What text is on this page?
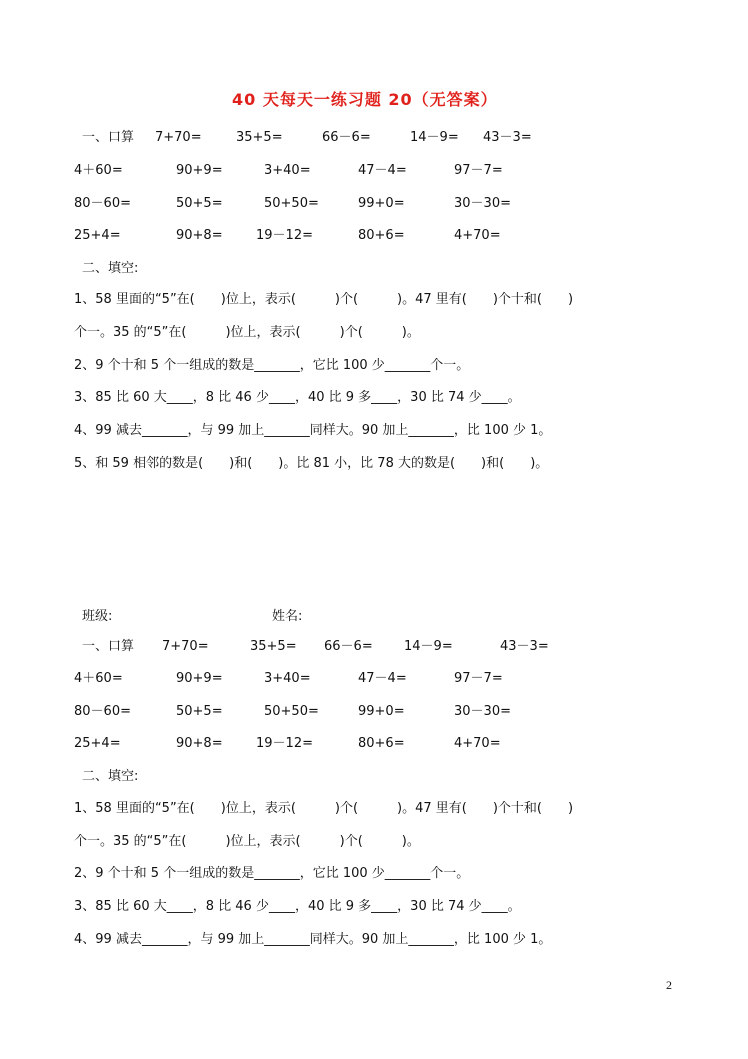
40 天每天一练习题 20（无答案）
一、口算 7+70=	35+5=	66－6=	14－9= 43－3=
4＋60=	90+9=	3+40=	47－4=	97－7=
80－60=	50+5=	50+50=	99+0=	30－30=
25+4=	90+8=	19－12=	80+6=	4+70=
二、填空:
1、58 里面的“5”在(　　)位上，表示(　　　)个(　　　)。47 里有(　　)个十和(　　)
个一。35 的“5”在(　　　)位上，表示(　　　)个(　　　)。
2、9 个十和 5 个一组成的数是_______，它比 100 少_______个一。
3、85 比 60 大____，8 比 46 少____，40 比 9 多____，30 比 74 少____。
4、99 减去_______，与 99 加上_______同样大。90 加上_______，比 100 少 1。
5、和 59 相邻的数是(　　)和(　　)。比 81 小，比 78 大的数是(　　)和(　　)。
班级:	姓名:
一、口算 7+70=	35+5= 66－6= 14－9=	43－3=
4＋60=	90+9=	3+40=	47－4=	97－7=
80－60=	50+5=	50+50=	99+0=	30－30=
25+4=	90+8=	19－12=	80+6=	4+70=
二、填空:
1、58 里面的“5”在(　　)位上，表示(　　　)个(　　　)。47 里有(　　)个十和(　　)
个一。35 的“5”在(　　　)位上，表示(　　　)个(　　　)。
2、9 个十和 5 个一组成的数是_______，它比 100 少_______个一。
3、85 比 60 大____，8 比 46 少____，40 比 9 多____，30 比 74 少____。
4、99 减去_______，与 99 加上_______同样大。90 加上_______，比 100 少 1。
2
